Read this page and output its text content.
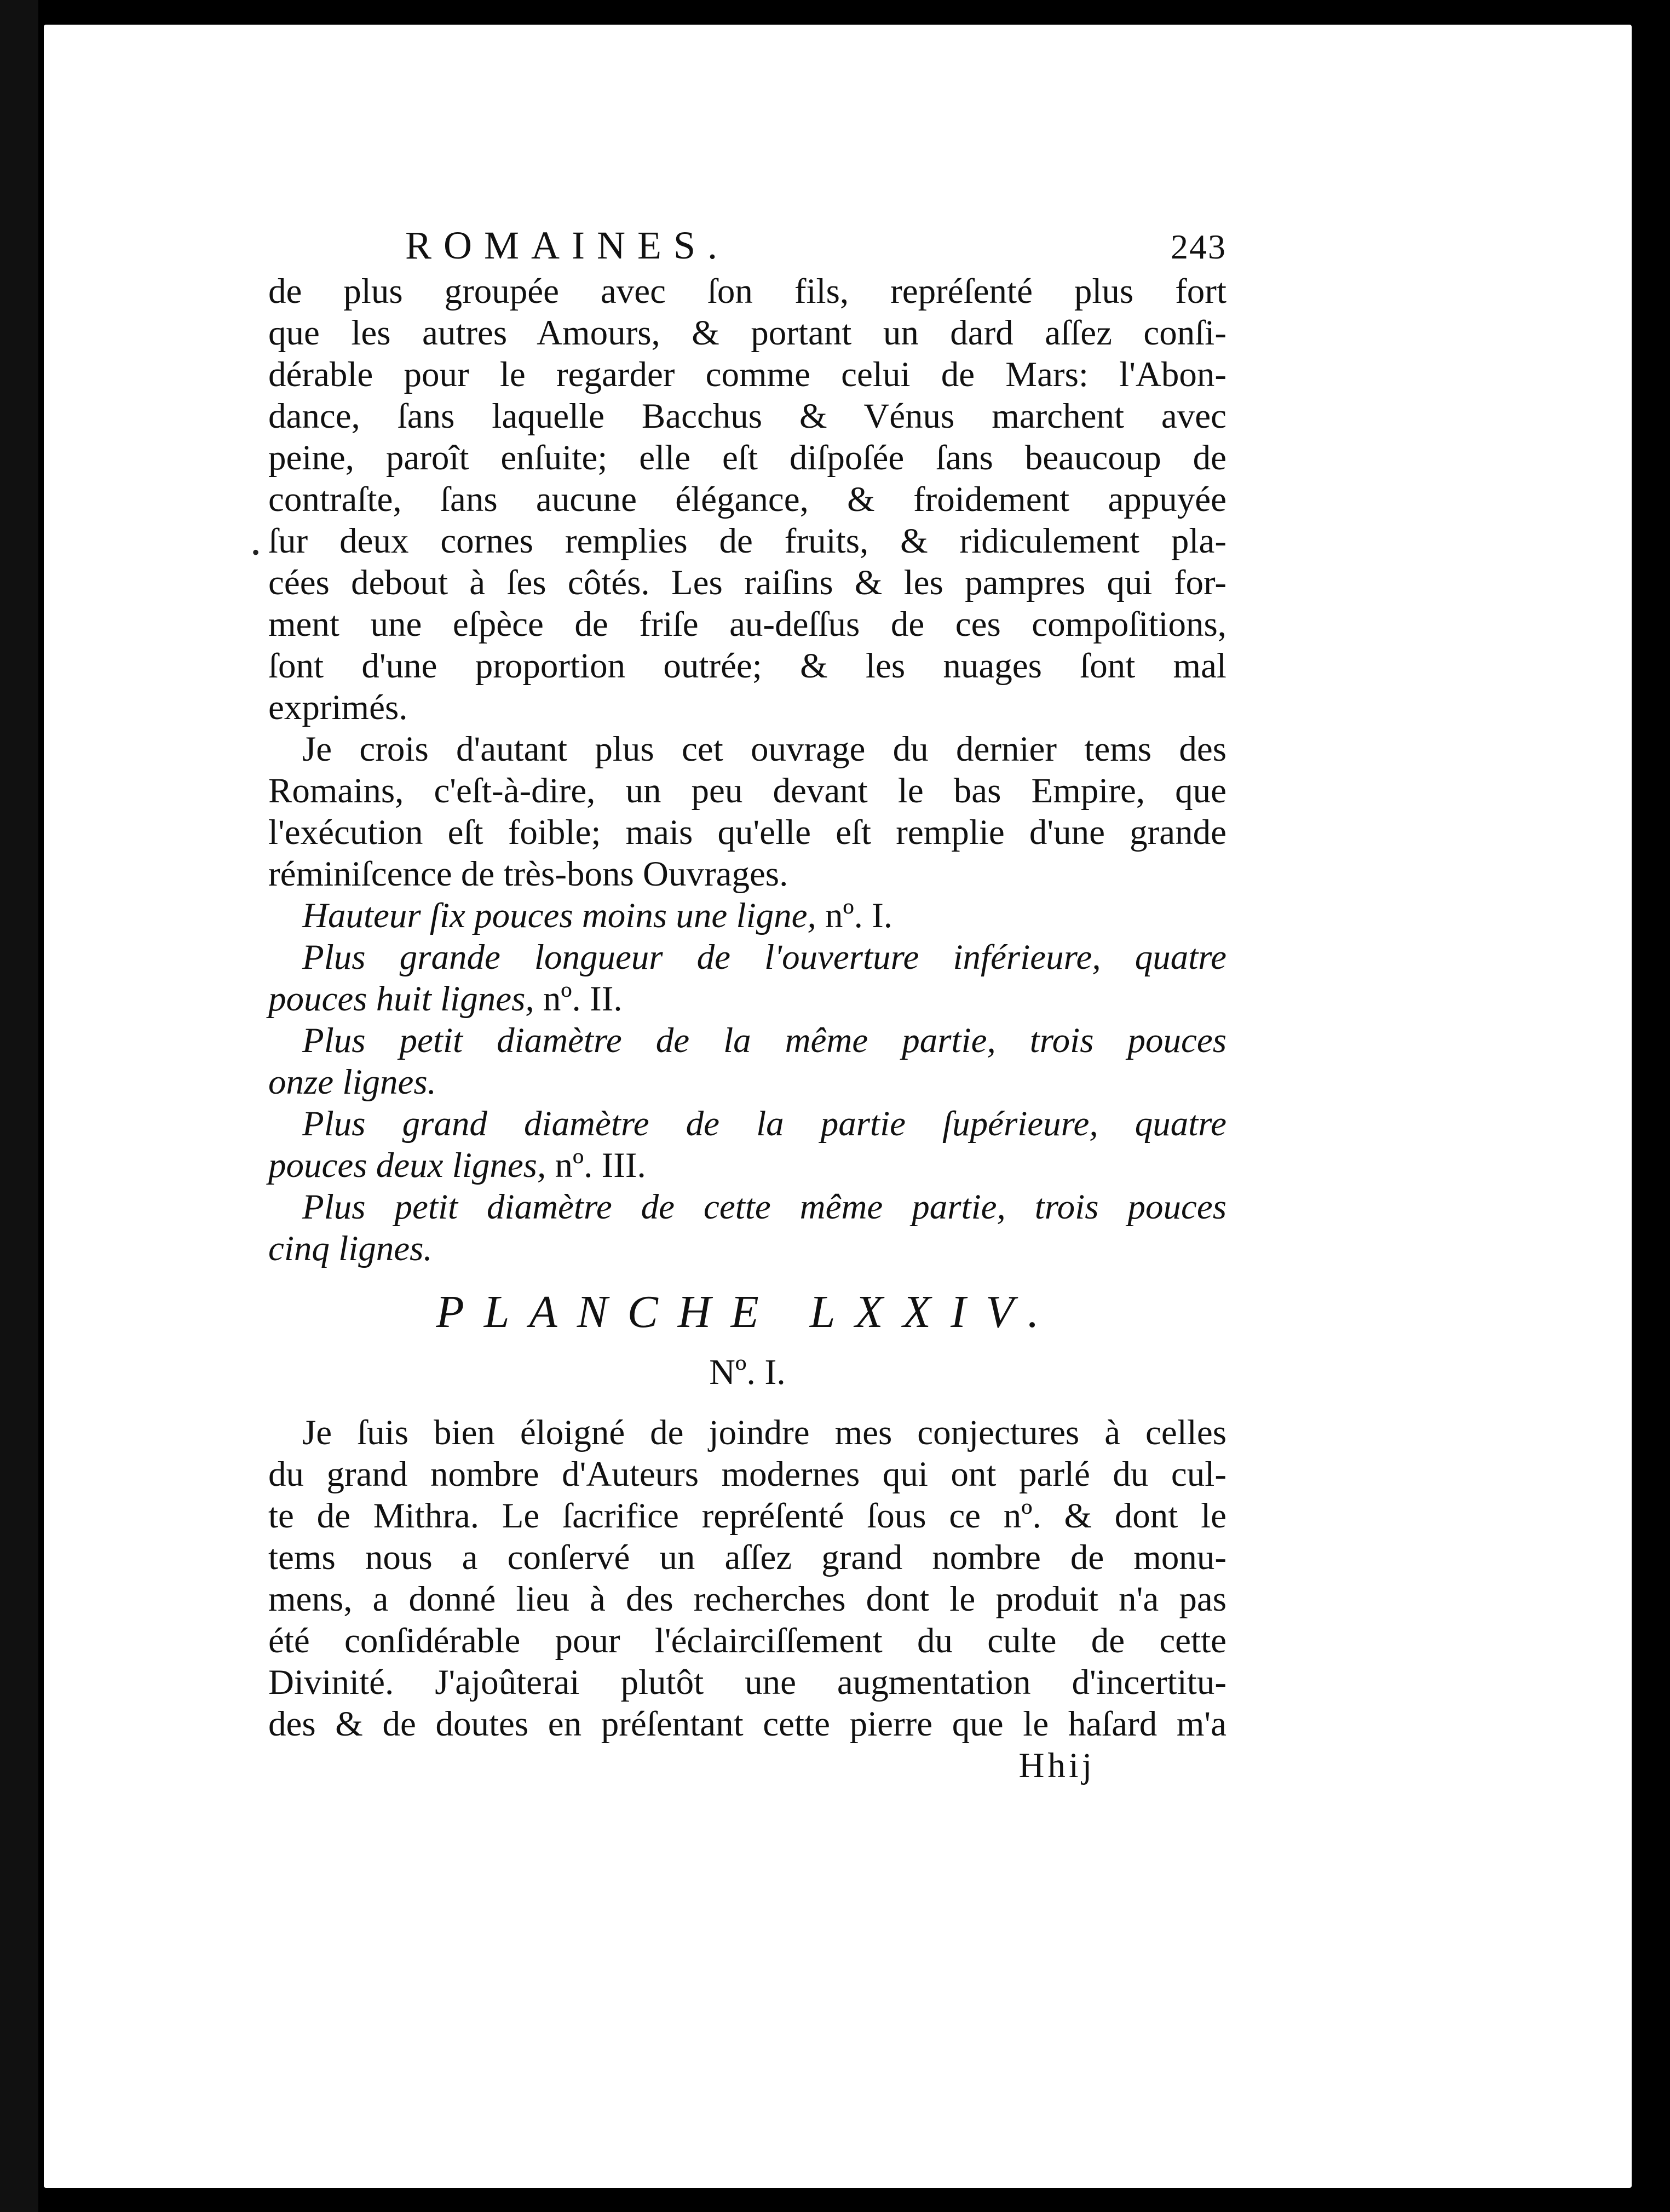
•
ROMAINES.	243

de plus groupée avec ſon fils, repréſenté plus fort
que les autres Amours, & portant un dard aſſez conſi-
dérable pour le regarder comme celui de Mars: l'Abon-
dance, ſans laquelle Bacchus & Vénus marchent avec
peine, paroît enſuite; elle eſt diſpoſée ſans beaucoup de
contraſte, ſans aucune élégance, & froidement appuyée
ſur deux cornes remplies de fruits, & ridiculement pla-
cées debout à ſes côtés. Les raiſins & les pampres qui for-
ment une eſpèce de friſe au-deſſus de ces compoſitions,
ſont d'une proportion outrée; & les nuages ſont mal
exprimés.

Je crois d'autant plus cet ouvrage du dernier tems des
Romains, c'eſt-à-dire, un peu devant le bas Empire, que
l'exécution eſt foible; mais qu'elle eſt remplie d'une grande
réminiſcence de très-bons Ouvrages.

Hauteur ſix pouces moins une ligne, nº. I.

Plus grande longueur de l'ouverture inférieure, quatre
pouces huit lignes, nº. II.

Plus petit diamètre de la même partie, trois pouces
onze lignes.

Plus grand diamètre de la partie ſupérieure, quatre
pouces deux lignes, nº. III.

Plus petit diamètre de cette même partie, trois pouces
cinq lignes.

PLANCHE LXXIV.
Nº. I.

Je ſuis bien éloigné de joindre mes conjectures à celles
du grand nombre d'Auteurs modernes qui ont parlé du cul-
te de Mithra. Le ſacrifice repréſenté ſous ce nº. & dont le
tems nous a conſervé un aſſez grand nombre de monu-
mens, a donné lieu à des recherches dont le produit n'a pas
été conſidérable pour l'éclairciſſement du culte de cette
Divinité. J'ajoûterai plutôt une augmentation d'incertitu-
des & de doutes en préſentant cette pierre que le haſard m'a

Hhij
